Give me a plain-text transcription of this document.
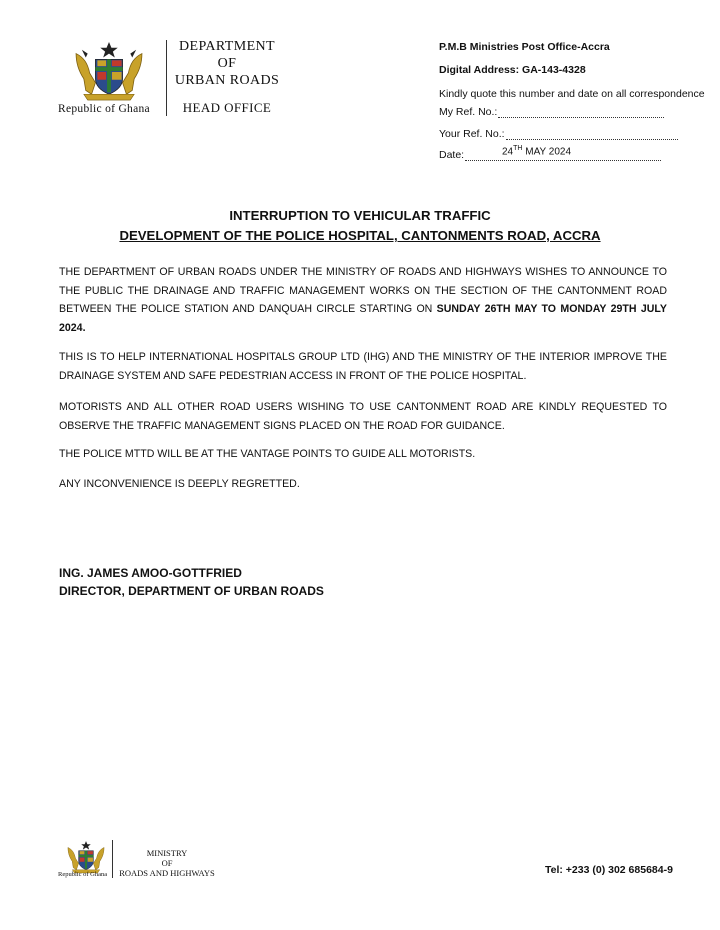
Republic of Ghana
DEPARTMENT
OF
URBAN ROADS
HEAD OFFICE
P.M.B Ministries Post Office-Accra
Digital Address: GA-143-4328
Kindly quote this number and date on all correspondence
My Ref. No.:
Your Ref. No.:
Date:	24TH MAY 2024
INTERRUPTION TO VEHICULAR TRAFFIC
DEVELOPMENT OF THE POLICE HOSPITAL, CANTONMENTS ROAD, ACCRA
THE DEPARTMENT OF URBAN ROADS UNDER THE MINISTRY OF ROADS AND HIGHWAYS WISHES TO ANNOUNCE TO THE PUBLIC THE DRAINAGE AND TRAFFIC MANAGEMENT WORKS ON THE SECTION OF THE CANTONMENT ROAD BETWEEN THE POLICE STATION AND DANQUAH CIRCLE STARTING ON SUNDAY 26TH MAY TO MONDAY 29TH JULY 2024.
THIS IS TO HELP INTERNATIONAL HOSPITALS GROUP LTD (IHG) AND THE MINISTRY OF THE INTERIOR IMPROVE THE DRAINAGE SYSTEM AND SAFE PEDESTRIAN ACCESS IN FRONT OF THE POLICE HOSPITAL.
MOTORISTS AND ALL OTHER ROAD USERS WISHING TO USE CANTONMENT ROAD ARE KINDLY REQUESTED TO OBSERVE THE TRAFFIC MANAGEMENT SIGNS PLACED ON THE ROAD FOR GUIDANCE.
THE POLICE MTTD WILL BE AT THE VANTAGE POINTS TO GUIDE ALL MOTORISTS.
ANY INCONVENIENCE IS DEEPLY REGRETTED.
ING. JAMES AMOO-GOTTFRIED
DIRECTOR, DEPARTMENT OF URBAN ROADS
Republic of Ghana
MINISTRY
OF
ROADS AND HIGHWAYS	Tel: +233 (0) 302 685684-9
